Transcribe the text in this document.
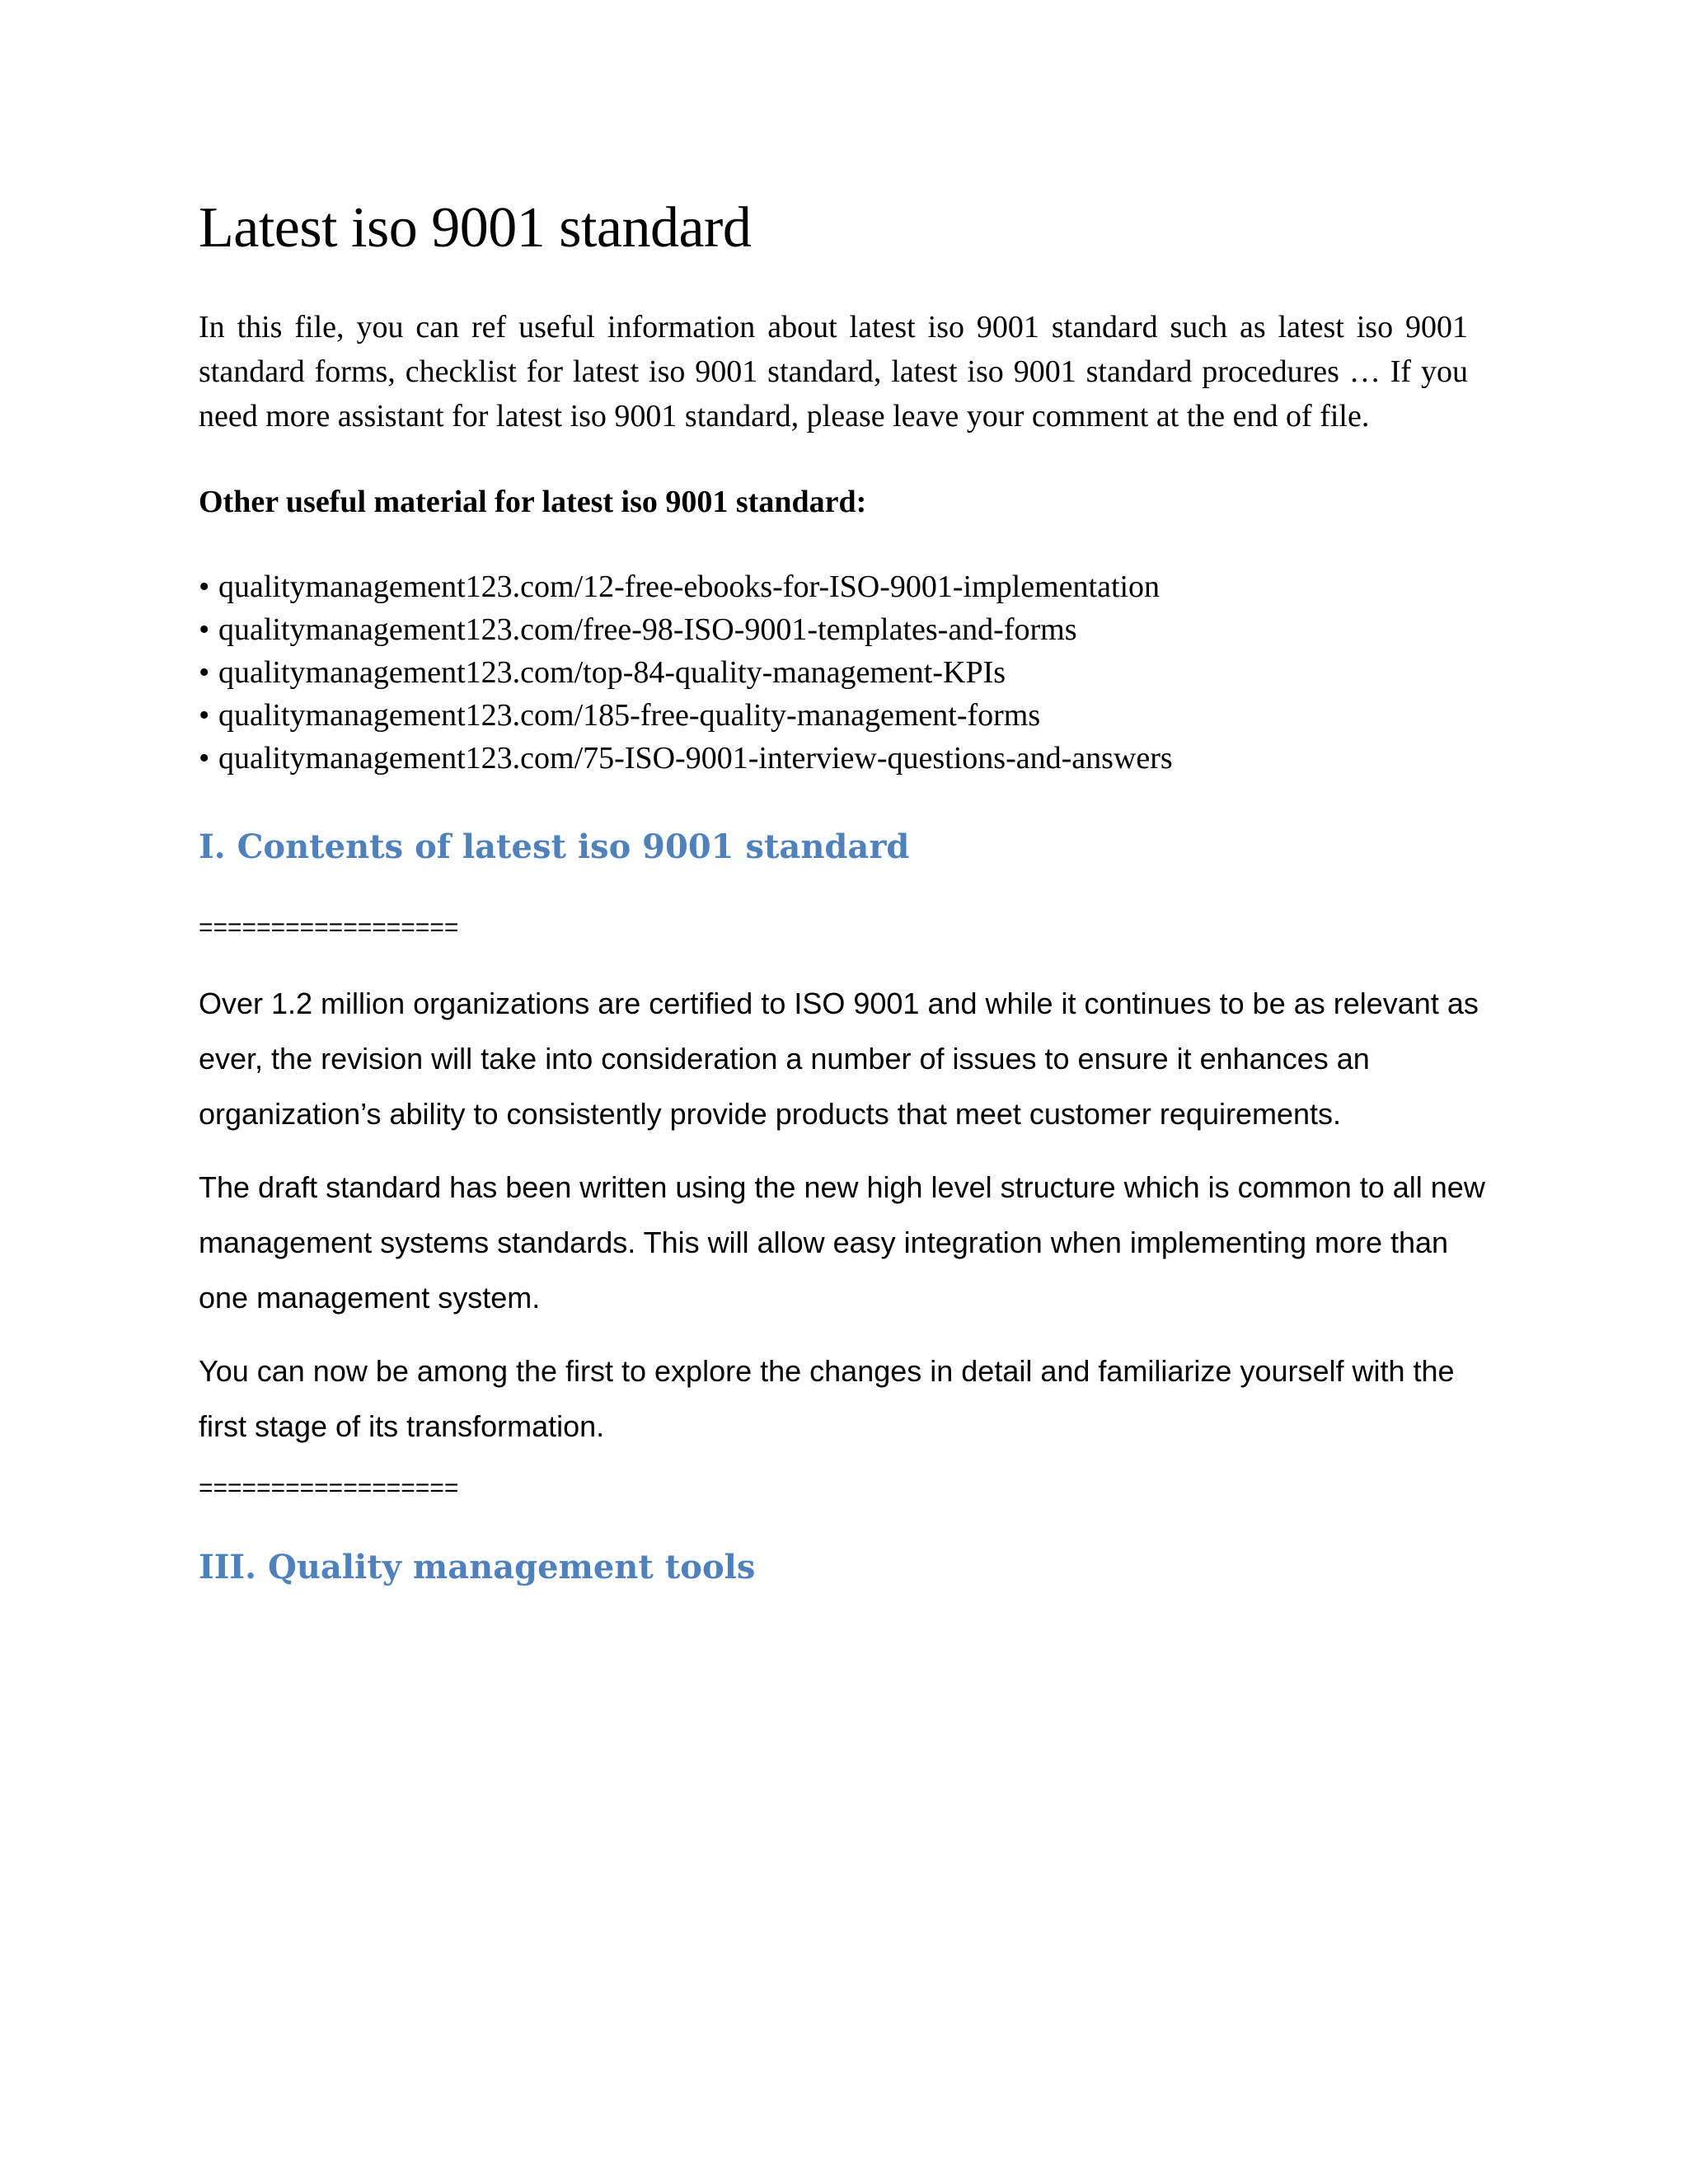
Latest iso 9001 standard

In this file, you can ref useful information about latest iso 9001 standard such as latest iso 9001 standard forms, checklist for latest iso 9001 standard, latest iso 9001 standard procedures … If you need more assistant for latest iso 9001 standard, please leave your comment at the end of file.

Other useful material for latest iso 9001 standard:

• qualitymanagement123.com/12-free-ebooks-for-ISO-9001-implementation
• qualitymanagement123.com/free-98-ISO-9001-templates-and-forms
• qualitymanagement123.com/top-84-quality-management-KPIs
• qualitymanagement123.com/185-free-quality-management-forms
• qualitymanagement123.com/75-ISO-9001-interview-questions-and-answers
I. Contents of latest iso 9001 standard

==================

Over 1.2 million organizations are certified to ISO 9001 and while it continues to be as relevant as ever, the revision will take into consideration a number of issues to ensure it enhances an organization’s ability to consistently provide products that meet customer requirements.

The draft standard has been written using the new high level structure which is common to all new management systems standards. This will allow easy integration when implementing more than one management system.

You can now be among the first to explore the changes in detail and familiarize yourself with the first stage of its transformation.

==================

III. Quality management tools
